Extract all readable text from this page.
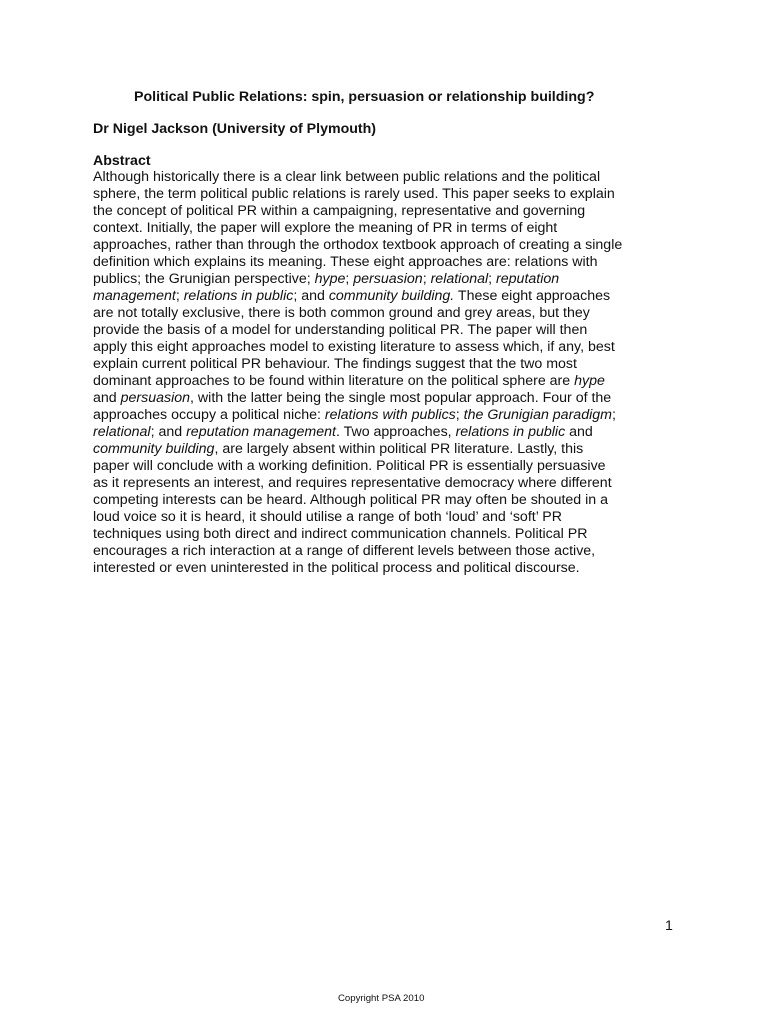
Political Public Relations: spin, persuasion or relationship building?
Dr Nigel Jackson (University of Plymouth)
Abstract
Although historically there is a clear link between public relations and the political
sphere, the term political public relations is rarely used. This paper seeks to explain
the concept of political PR within a campaigning, representative and governing
context. Initially, the paper will explore the meaning of PR in terms of eight
approaches, rather than through the orthodox textbook approach of creating a single
definition which explains its meaning. These eight approaches are: relations with
publics; the Grunigian perspective; hype; persuasion; relational; reputation
management; relations in public; and community building. These eight approaches
are not totally exclusive, there is both common ground and grey areas, but they
provide the basis of a model for understanding political PR. The paper will then
apply this eight approaches model to existing literature to assess which, if any, best
explain current political PR behaviour. The findings suggest that the two most
dominant approaches to be found within literature on the political sphere are hype
and persuasion, with the latter being the single most popular approach. Four of the
approaches occupy a political niche: relations with publics; the Grunigian paradigm;
relational; and reputation management. Two approaches, relations in public and
community building, are largely absent within political PR literature. Lastly, this
paper will conclude with a working definition. Political PR is essentially persuasive
as it represents an interest, and requires representative democracy where different
competing interests can be heard. Although political PR may often be shouted in a
loud voice so it is heard, it should utilise a range of both ‘loud’ and ‘soft’ PR
techniques using both direct and indirect communication channels. Political PR
encourages a rich interaction at a range of different levels between those active,
interested or even uninterested in the political process and political discourse.
1
Copyright PSA 2010
